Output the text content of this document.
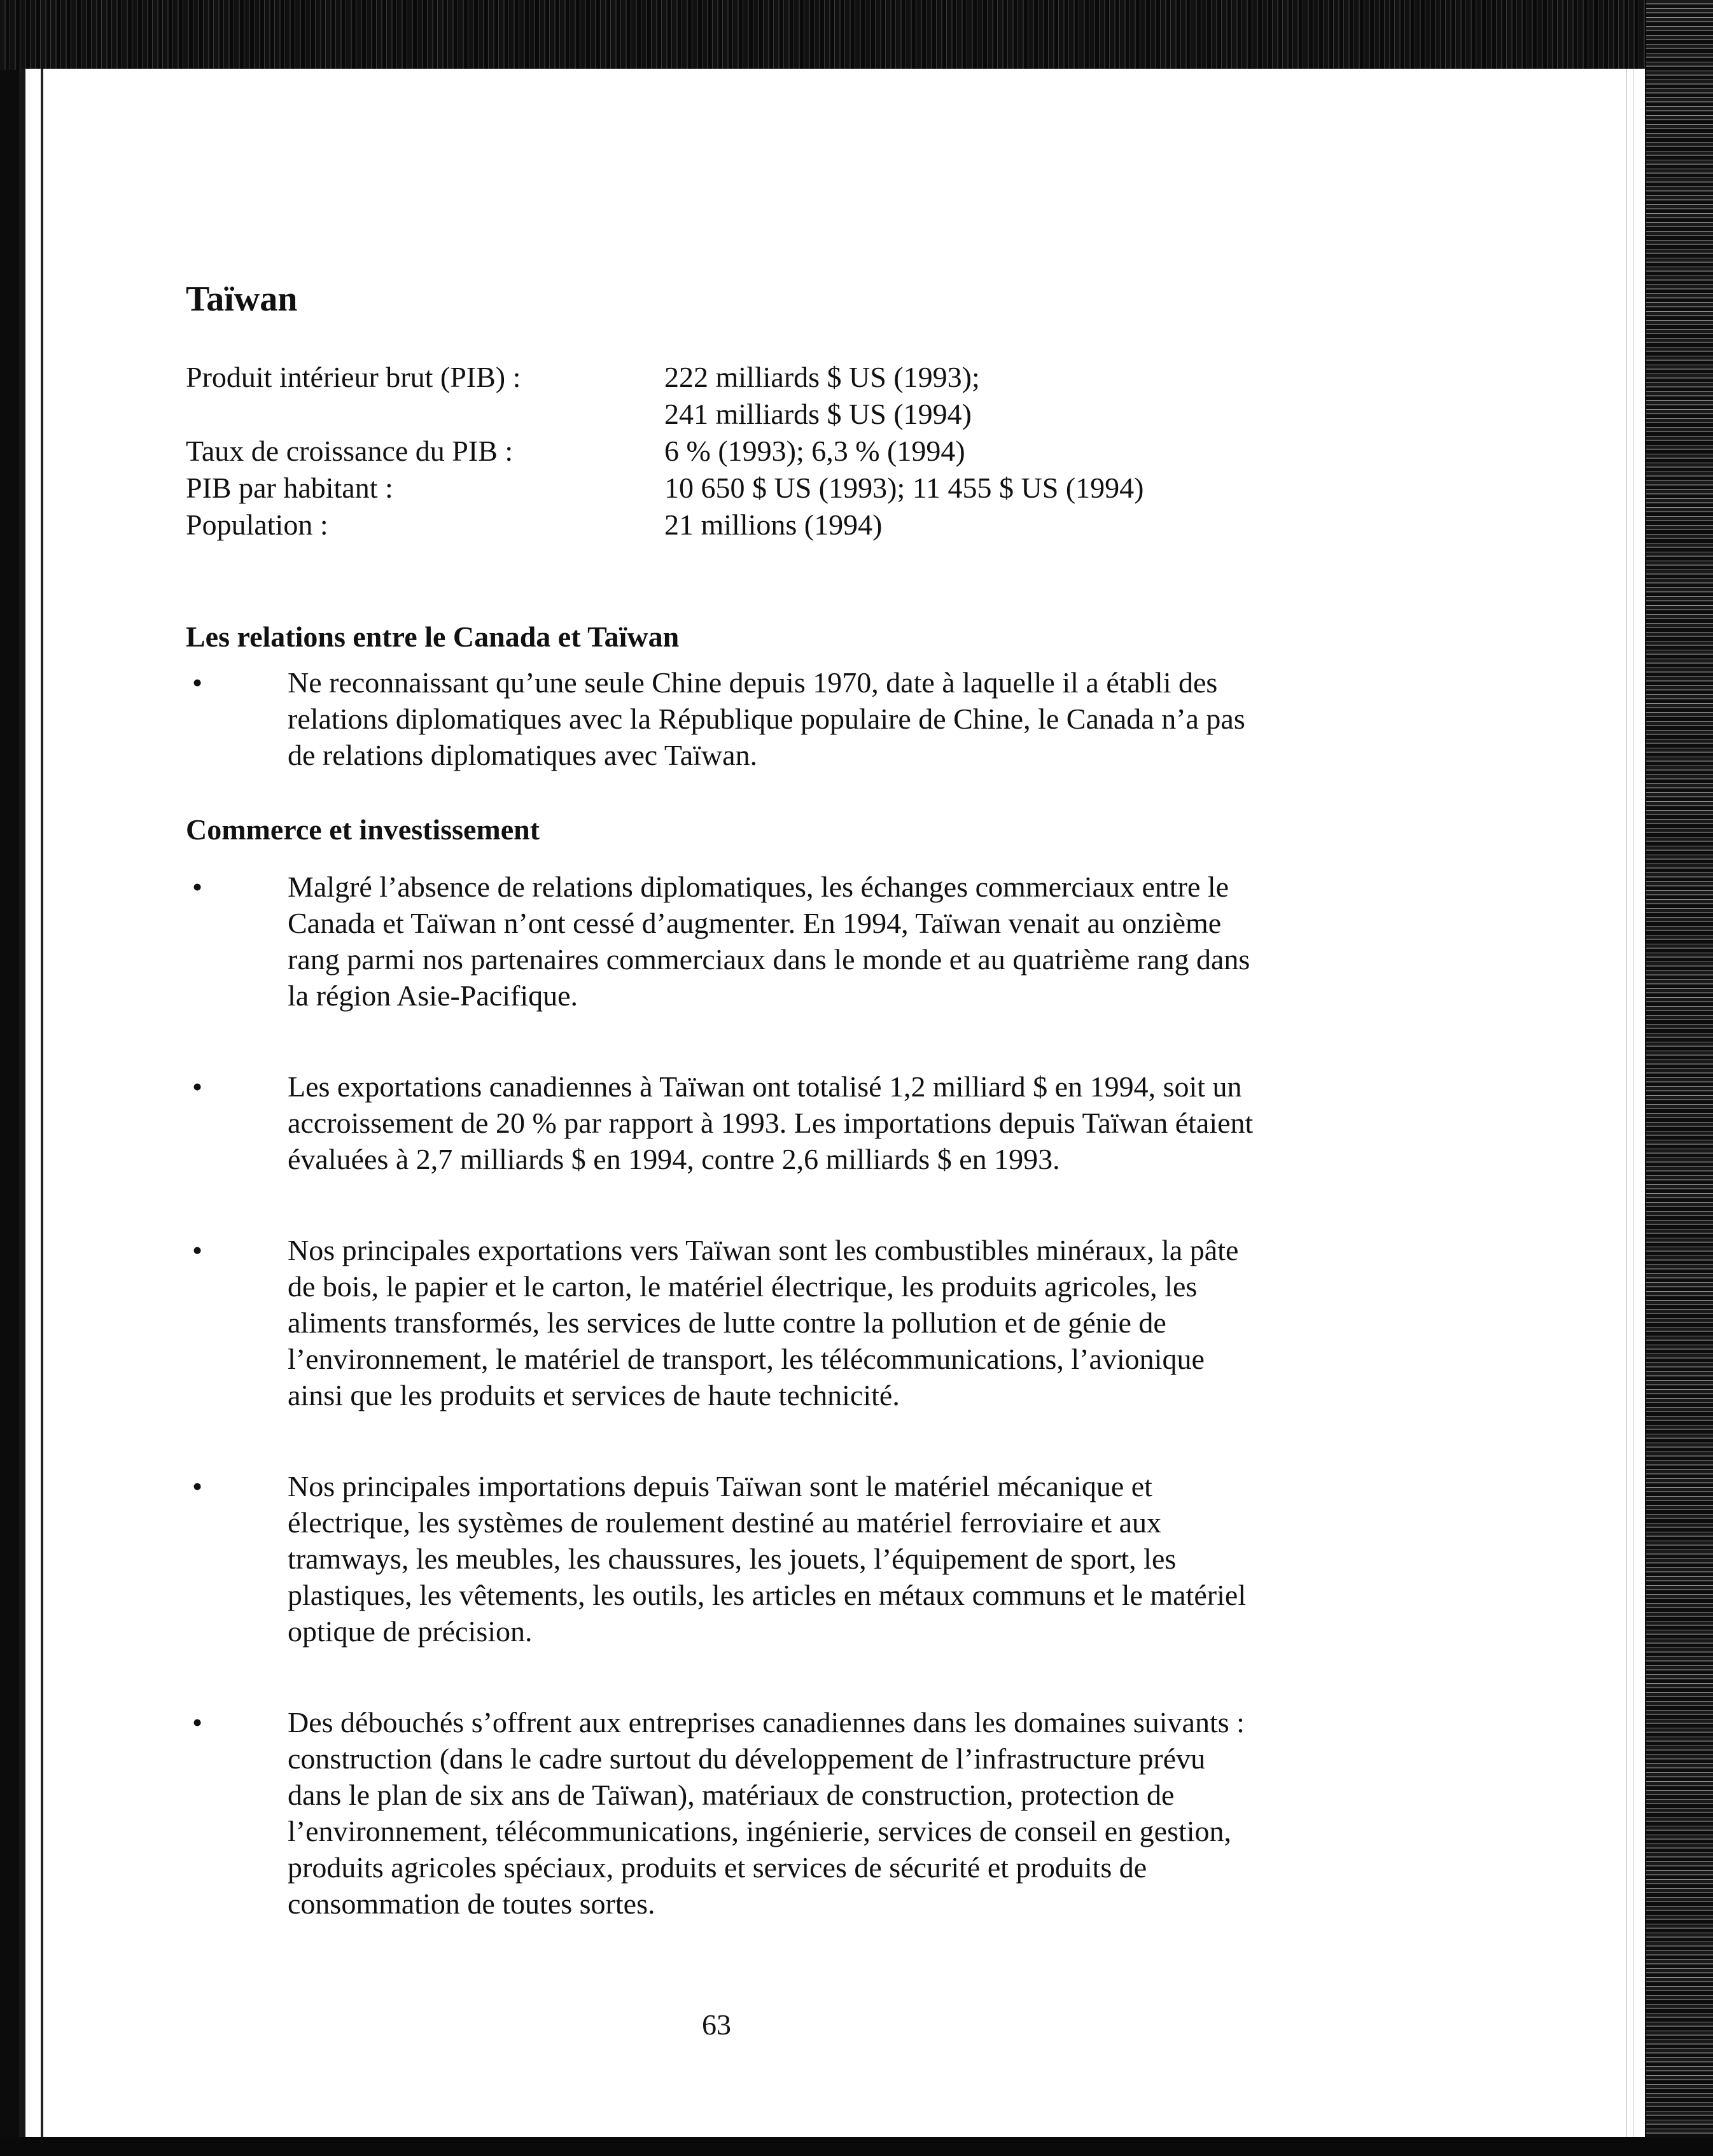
Taïwan
Produit intérieur brut (PIB) :	222 milliards $ US (1993);
241 milliards $ US (1994)
Taux de croissance du PIB :	6 % (1993); 6,3 % (1994)
PIB par habitant :	10 650 $ US (1993); 11 455 $ US (1994)
Population :	21 millions (1994)
Les relations entre le Canada et Taïwan
•	Ne reconnaissant qu’une seule Chine depuis 1970, date à laquelle il a établi des relations diplomatiques avec la République populaire de Chine, le Canada n’a pas de relations diplomatiques avec Taïwan.
Commerce et investissement
•	Malgré l’absence de relations diplomatiques, les échanges commerciaux entre le Canada et Taïwan n’ont cessé d’augmenter. En 1994, Taïwan venait au onzième rang parmi nos partenaires commerciaux dans le monde et au quatrième rang dans la région Asie-Pacifique.
•	Les exportations canadiennes à Taïwan ont totalisé 1,2 milliard $ en 1994, soit un accroissement de 20 % par rapport à 1993. Les importations depuis Taïwan étaient évaluées à 2,7 milliards $ en 1994, contre 2,6 milliards $ en 1993.
•	Nos principales exportations vers Taïwan sont les combustibles minéraux, la pâte de bois, le papier et le carton, le matériel électrique, les produits agricoles, les aliments transformés, les services de lutte contre la pollution et de génie de l’environnement, le matériel de transport, les télécommunications, l’avionique ainsi que les produits et services de haute technicité.
•	Nos principales importations depuis Taïwan sont le matériel mécanique et électrique, les systèmes de roulement destiné au matériel ferroviaire et aux tramways, les meubles, les chaussures, les jouets, l’équipement de sport, les plastiques, les vêtements, les outils, les articles en métaux communs et le matériel optique de précision.
•	Des débouchés s’offrent aux entreprises canadiennes dans les domaines suivants : construction (dans le cadre surtout du développement de l’infrastructure prévu dans le plan de six ans de Taïwan), matériaux de construction, protection de l’environnement, télécommunications, ingénierie, services de conseil en gestion, produits agricoles spéciaux, produits et services de sécurité et produits de consommation de toutes sortes.
63
